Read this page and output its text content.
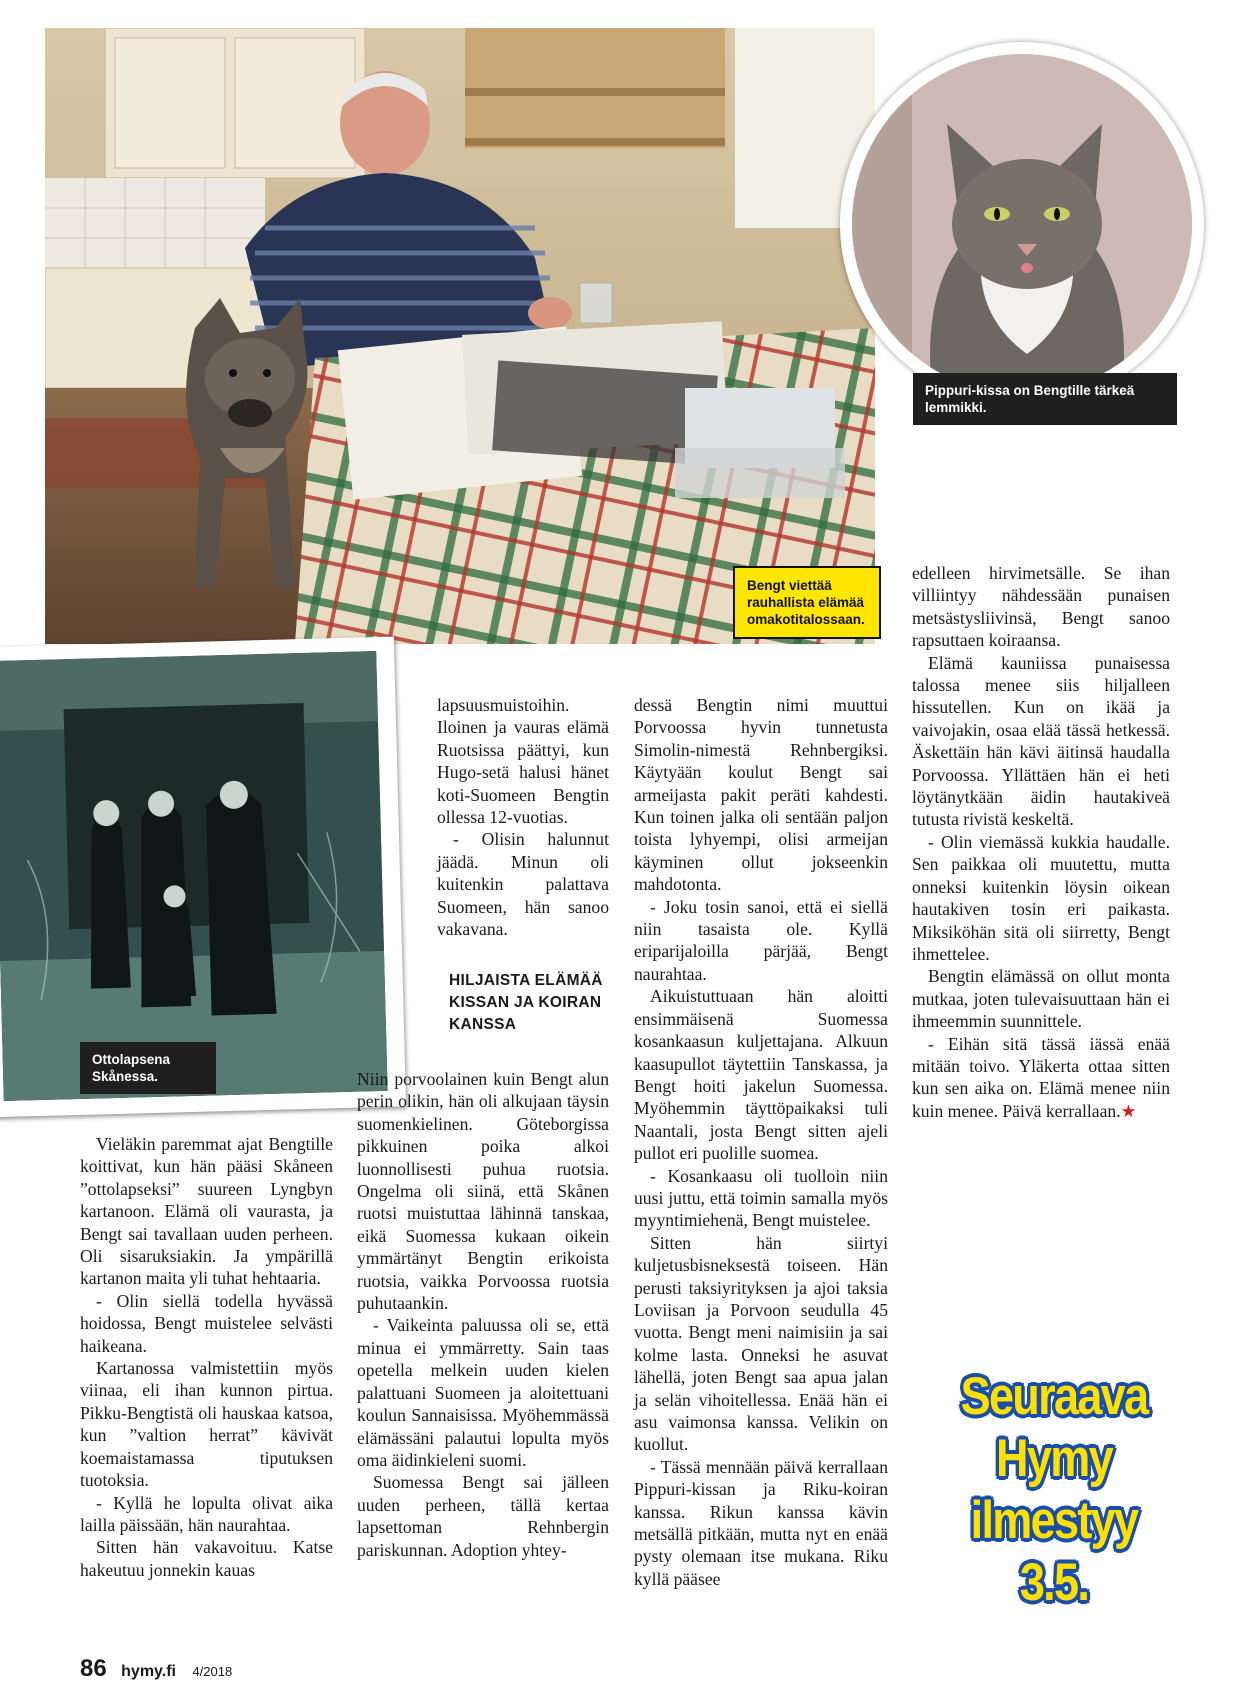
Pippuri-kissa on Bengtille tärkeä lemmikki.
Bengt viettää rauhallista elämää omakotitalossaan.
Ottolapsena Skånessa.

Vieläkin paremmat ajat Bengtille koittivat, kun hän pääsi Skåneen ”ottolapseksi” suureen Lyngbyn kartanoon. Elämä oli vaurasta, ja Bengt sai tavallaan uuden perheen. Oli sisaruksiakin. Ja ympärillä kartanon maita yli tuhat hehtaaria.

- Olin siellä todella hyvässä hoidossa, Bengt muistelee selvästi haikeana.

Kartanossa valmistettiin myös viinaa, eli ihan kunnon pirtua. Pikku-Bengtistä oli hauskaa katsoa, kun ”valtion herrat” kävivät koemaistamassa tiputuksen tuotoksia.

- Kyllä he lopulta olivat aika lailla päissään, hän naurahtaa.

Sitten hän vakavoituu. Katse hakeutuu jonnekin kauas

lapsuusmuistoihin. Iloinen ja vauras elämä Ruotsissa päättyi, kun Hugo-setä halusi hänet koti-Suomeen Bengtin ollessa 12-vuotias.

- Olisin halunnut jäädä. Minun oli kuitenkin palattava Suomeen, hän sanoo vakavana.

HILJAISTA ELÄMÄÄ KISSAN JA KOIRAN KANSSA

Niin porvoolainen kuin Bengt alun perin olikin, hän oli alkujaan täysin suomenkielinen. Göteborgissa pikkuinen poika alkoi luonnollisesti puhua ruotsia. Ongelma oli siinä, että Skånen ruotsi muistuttaa lähinnä tanskaa, eikä Suomessa kukaan oikein ymmärtänyt Bengtin erikoista ruotsia, vaikka Porvoossa ruotsia puhutaankin.

- Vaikeinta paluussa oli se, että minua ei ymmärretty. Sain taas opetella melkein uuden kielen palattuani Suomeen ja aloitettuani koulun Sannaisissa. Myöhemmässä elämässäni palautui lopulta myös oma äidinkieleni suomi.

Suomessa Bengt sai jälleen uuden perheen, tällä kertaa lapsettoman Rehnbergin pariskunnan. Adoption yhtey-

dessä Bengtin nimi muuttui Porvoossa hyvin tunnetusta Simolin-nimestä Rehnbergiksi. Käytyään koulut Bengt sai armeijasta pakit peräti kahdesti. Kun toinen jalka oli sentään paljon toista lyhyempi, olisi armeijan käyminen ollut jokseenkin mahdotonta.

- Joku tosin sanoi, että ei siellä niin tasaista ole. Kyllä eriparijaloilla pärjää, Bengt naurahtaa.

Aikuistuttuaan hän aloitti ensimmäisenä Suomessa kosankaasun kuljettajana. Alkuun kaasupullot täytettiin Tanskassa, ja Bengt hoiti jakelun Suomessa. Myöhemmin täyttöpaikaksi tuli Naantali, josta Bengt sitten ajeli pullot eri puolille suomea.

- Kosankaasu oli tuolloin niin uusi juttu, että toimin samalla myös myyntimiehenä, Bengt muistelee.

Sitten hän siirtyi kuljetusbisneksestä toiseen. Hän perusti taksiyrityksen ja ajoi taksia Loviisan ja Porvoon seudulla 45 vuotta. Bengt meni naimisiin ja sai kolme lasta. Onneksi he asuvat lähellä, joten Bengt saa apua jalan ja selän vihoitellessa. Enää hän ei asu vaimonsa kanssa. Velikin on kuollut.

- Tässä mennään päivä kerrallaan Pippuri-kissan ja Riku-koiran kanssa. Rikun kanssa kävin metsällä pitkään, mutta nyt en enää pysty olemaan itse mukana. Riku kyllä pääsee

edelleen hirvimetsälle. Se ihan villiintyy nähdessään punaisen metsästysliivinsä, Bengt sanoo rapsuttaen koiraansa.

Elämä kauniissa punaisessa talossa menee siis hiljalleen hissutellen. Kun on ikää ja vaivojakin, osaa elää tässä hetkessä. Äskettäin hän kävi äitinsä haudalla Porvoossa. Yllättäen hän ei heti löytänytkään äidin hautakiveä tutusta rivistä keskeltä.

- Olin viemässä kukkia haudalle. Sen paikkaa oli muutettu, mutta onneksi kuitenkin löysin oikean hautakiven tosin eri paikasta. Miksiköhän sitä oli siirretty, Bengt ihmettelee.

Bengtin elämässä on ollut monta mutkaa, joten tulevaisuuttaan hän ei ihmeemmin suunnittele.

- Eihän sitä tässä iässä enää mitään toivo. Yläkerta ottaa sitten kun sen aika on. Elämä menee niin kuin menee. Päivä kerrallaan.★

Seuraava
Hymy
ilmestyy
3.5.
86 hymy.fi 4/2018
